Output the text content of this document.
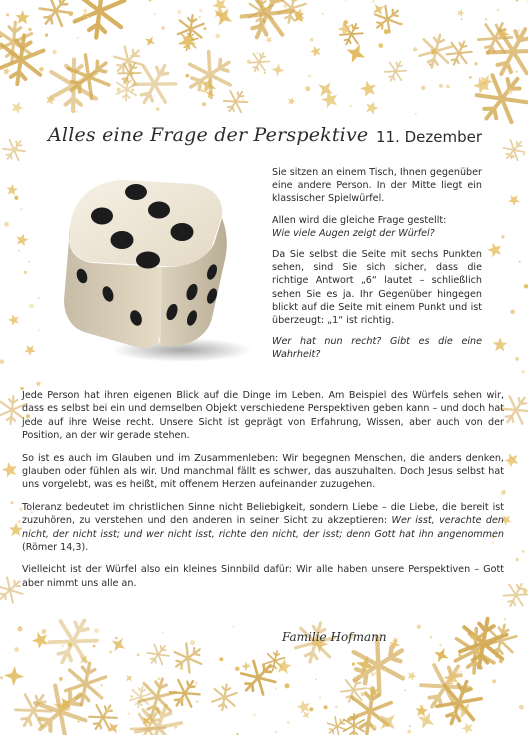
Alles eine Frage der Perspektive 11. Dezember

Sie sitzen an einem Tisch, Ihnen gegenüber eine andere Person. In der Mitte liegt ein klassischer Spielwürfel.

Allen wird die gleiche Frage gestellt:
Wie viele Augen zeigt der Würfel?

Da Sie selbst die Seite mit sechs Punkten sehen, sind Sie sich sicher, dass die richtige Antwort „6“ lautet – schließlich sehen Sie es ja. Ihr Gegenüber hingegen blickt auf die Seite mit einem Punkt und ist überzeugt: „1“ ist richtig.

Wer hat nun recht? Gibt es die eine Wahrheit?

Jede Person hat ihren eigenen Blick auf die Dinge im Leben. Am Beispiel des Würfels sehen wir, dass es selbst bei ein und demselben Objekt verschiedene Perspektiven geben kann – und doch hat jede auf ihre Weise recht. Unsere Sicht ist geprägt von Erfahrung, Wissen, aber auch von der Position, an der wir gerade stehen.

So ist es auch im Glauben und im Zusammenleben: Wir begegnen Menschen, die anders denken, glauben oder fühlen als wir. Und manchmal fällt es schwer, das auszuhalten. Doch Jesus selbst hat uns vorgelebt, was es heißt, mit offenem Herzen aufeinander zuzugehen.

Toleranz bedeutet im christlichen Sinne nicht Beliebigkeit, sondern Liebe – die Liebe, die bereit ist zuzuhören, zu verstehen und den anderen in seiner Sicht zu akzeptieren: Wer isst, verachte den nicht, der nicht isst; und wer nicht isst, richte den nicht, der isst; denn Gott hat ihn angenommen (Römer 14,3).

Vielleicht ist der Würfel also ein kleines Sinnbild dafür: Wir alle haben unsere Perspektiven – Gott aber nimmt uns alle an.

Familie Hofmann
